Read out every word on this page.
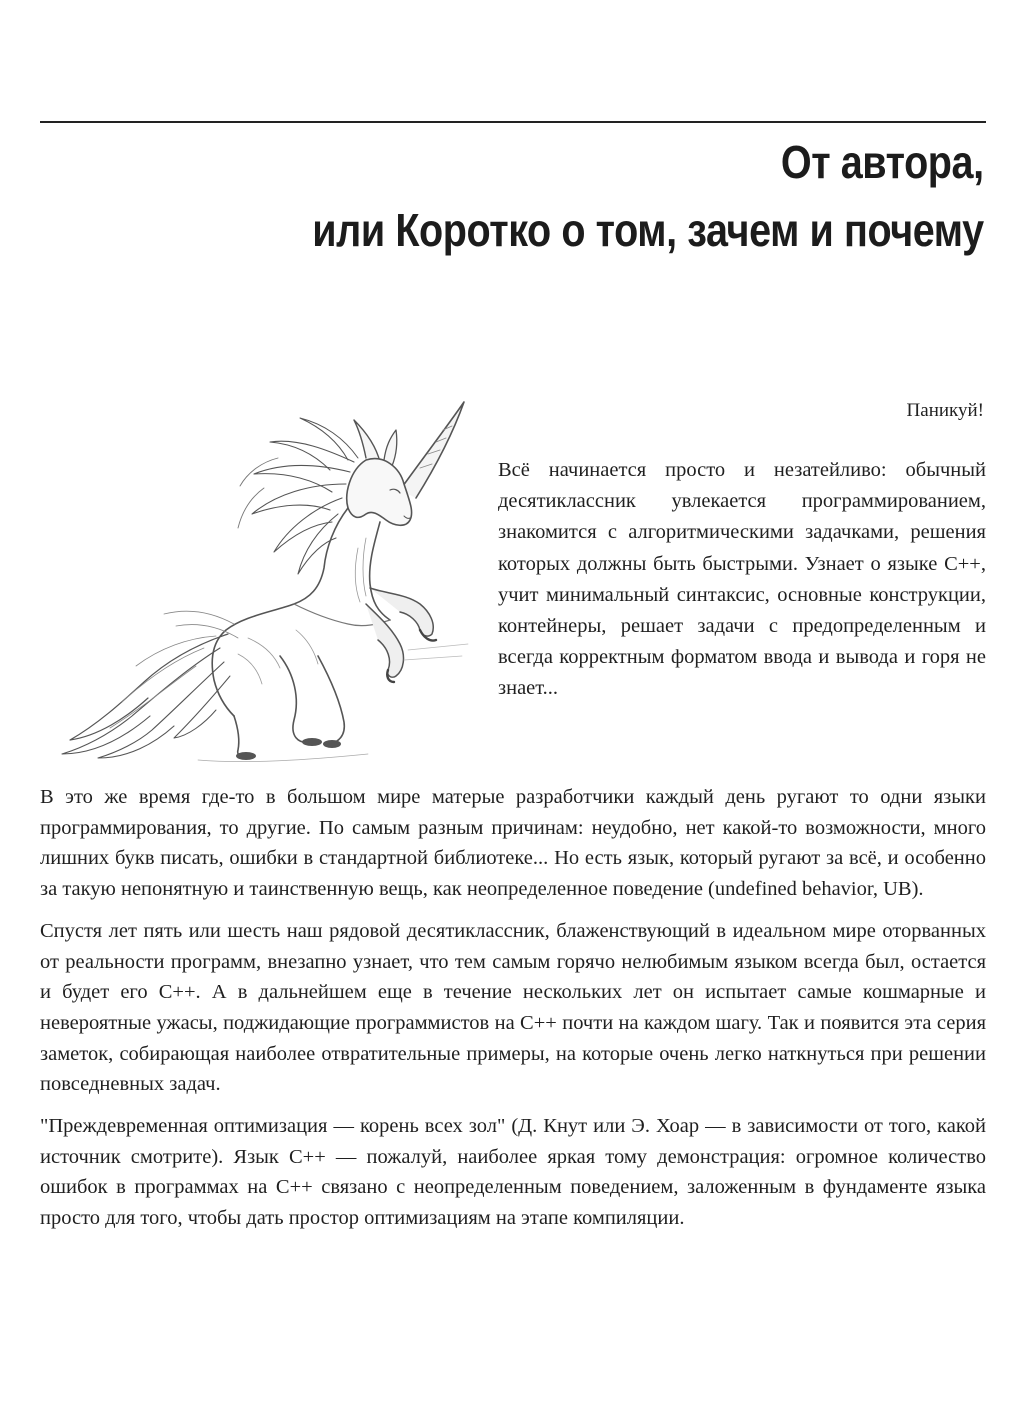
От автора,
или Коротко о том, зачем и почему
Паникуй!
Всё начинается просто и незатейливо: обычный десятиклассник увлекается программированием, знакомится с алгоритмическими задачками, решения которых должны быть быстрыми. Узнает о языке C++, учит минимальный синтаксис, основные конструкции, контейнеры, решает задачи с предопределенным и всегда корректным форматом ввода и вывода и горя не знает...

В это же время где-то в большом мире матерые разработчики каждый день ругают то одни языки программирования, то другие. По самым разным причинам: неудобно, нет какой-то возможности, много лишних букв писать, ошибки в стандартной библиотеке... Но есть язык, который ругают за всё, и особенно за такую непонятную и таинственную вещь, как неопределенное поведение (undefined behavior, UB).

Спустя лет пять или шесть наш рядовой десятиклассник, блаженствующий в идеальном мире оторванных от реальности программ, внезапно узнает, что тем самым горячо нелюбимым языком всегда был, остается и будет его C++. А в дальнейшем еще в течение нескольких лет он испытает самые кошмарные и невероятные ужасы, поджидающие программистов на C++ почти на каждом шагу. Так и появится эта серия заметок, собирающая наиболее отвратительные примеры, на которые очень легко наткнуться при решении повседневных задач.

"Преждевременная оптимизация — корень всех зол" (Д. Кнут или Э. Хоар — в зависимости от того, какой источник смотрите). Язык C++ — пожалуй, наиболее яркая тому демонстрация: огромное количество ошибок в программах на C++ связано с неопределенным поведением, заложенным в фундаменте языка просто для того, чтобы дать простор оптимизациям на этапе компиляции.
